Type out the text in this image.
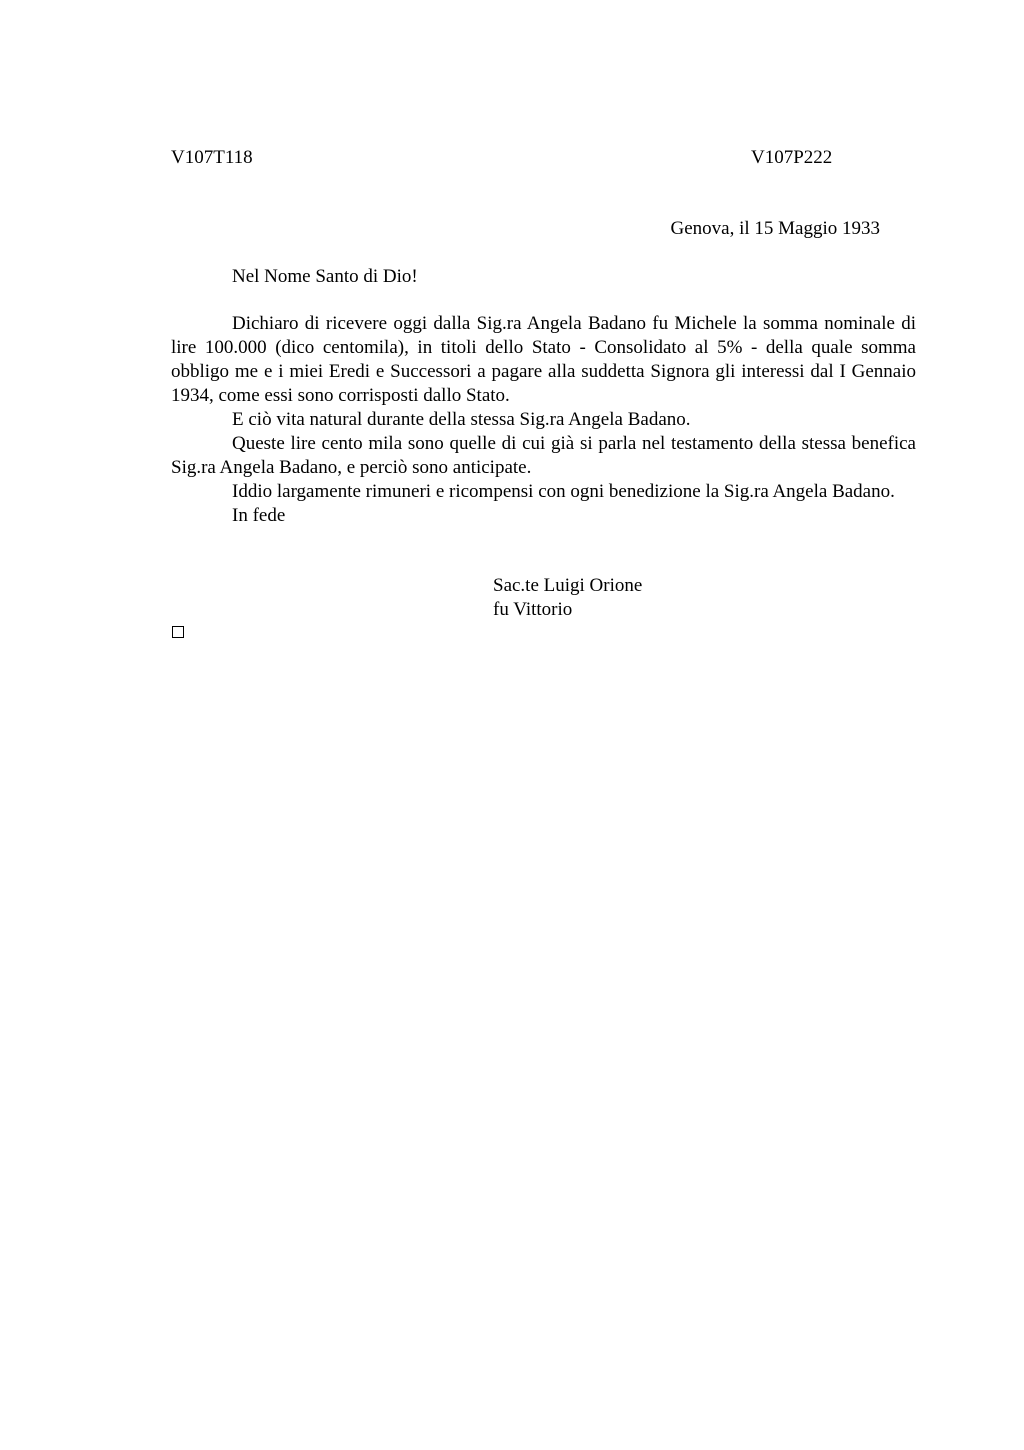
V107T118	V107P222
Genova, il 15 Maggio 1933
Nel Nome Santo di Dio!

Dichiaro di ricevere oggi dalla Sig.ra Angela Badano fu Michele la somma nominale di lire 100.000 (dico centomila), in titoli dello Stato - Consolidato al 5% - della quale somma obbligo me e i miei Eredi e Successori a pagare alla suddetta Signora gli interessi dal I Gennaio 1934, come essi sono corrisposti dallo Stato.

E ciò vita natural durante della stessa Sig.ra Angela Badano.

Queste lire cento mila sono quelle di cui già si parla nel testamento della stessa benefica Sig.ra Angela Badano, e perciò sono anticipate.

Iddio largamente rimuneri e ricompensi con ogni benedizione la Sig.ra Angela Badano.

In fede

Sac.te Luigi Orione
fu Vittorio
